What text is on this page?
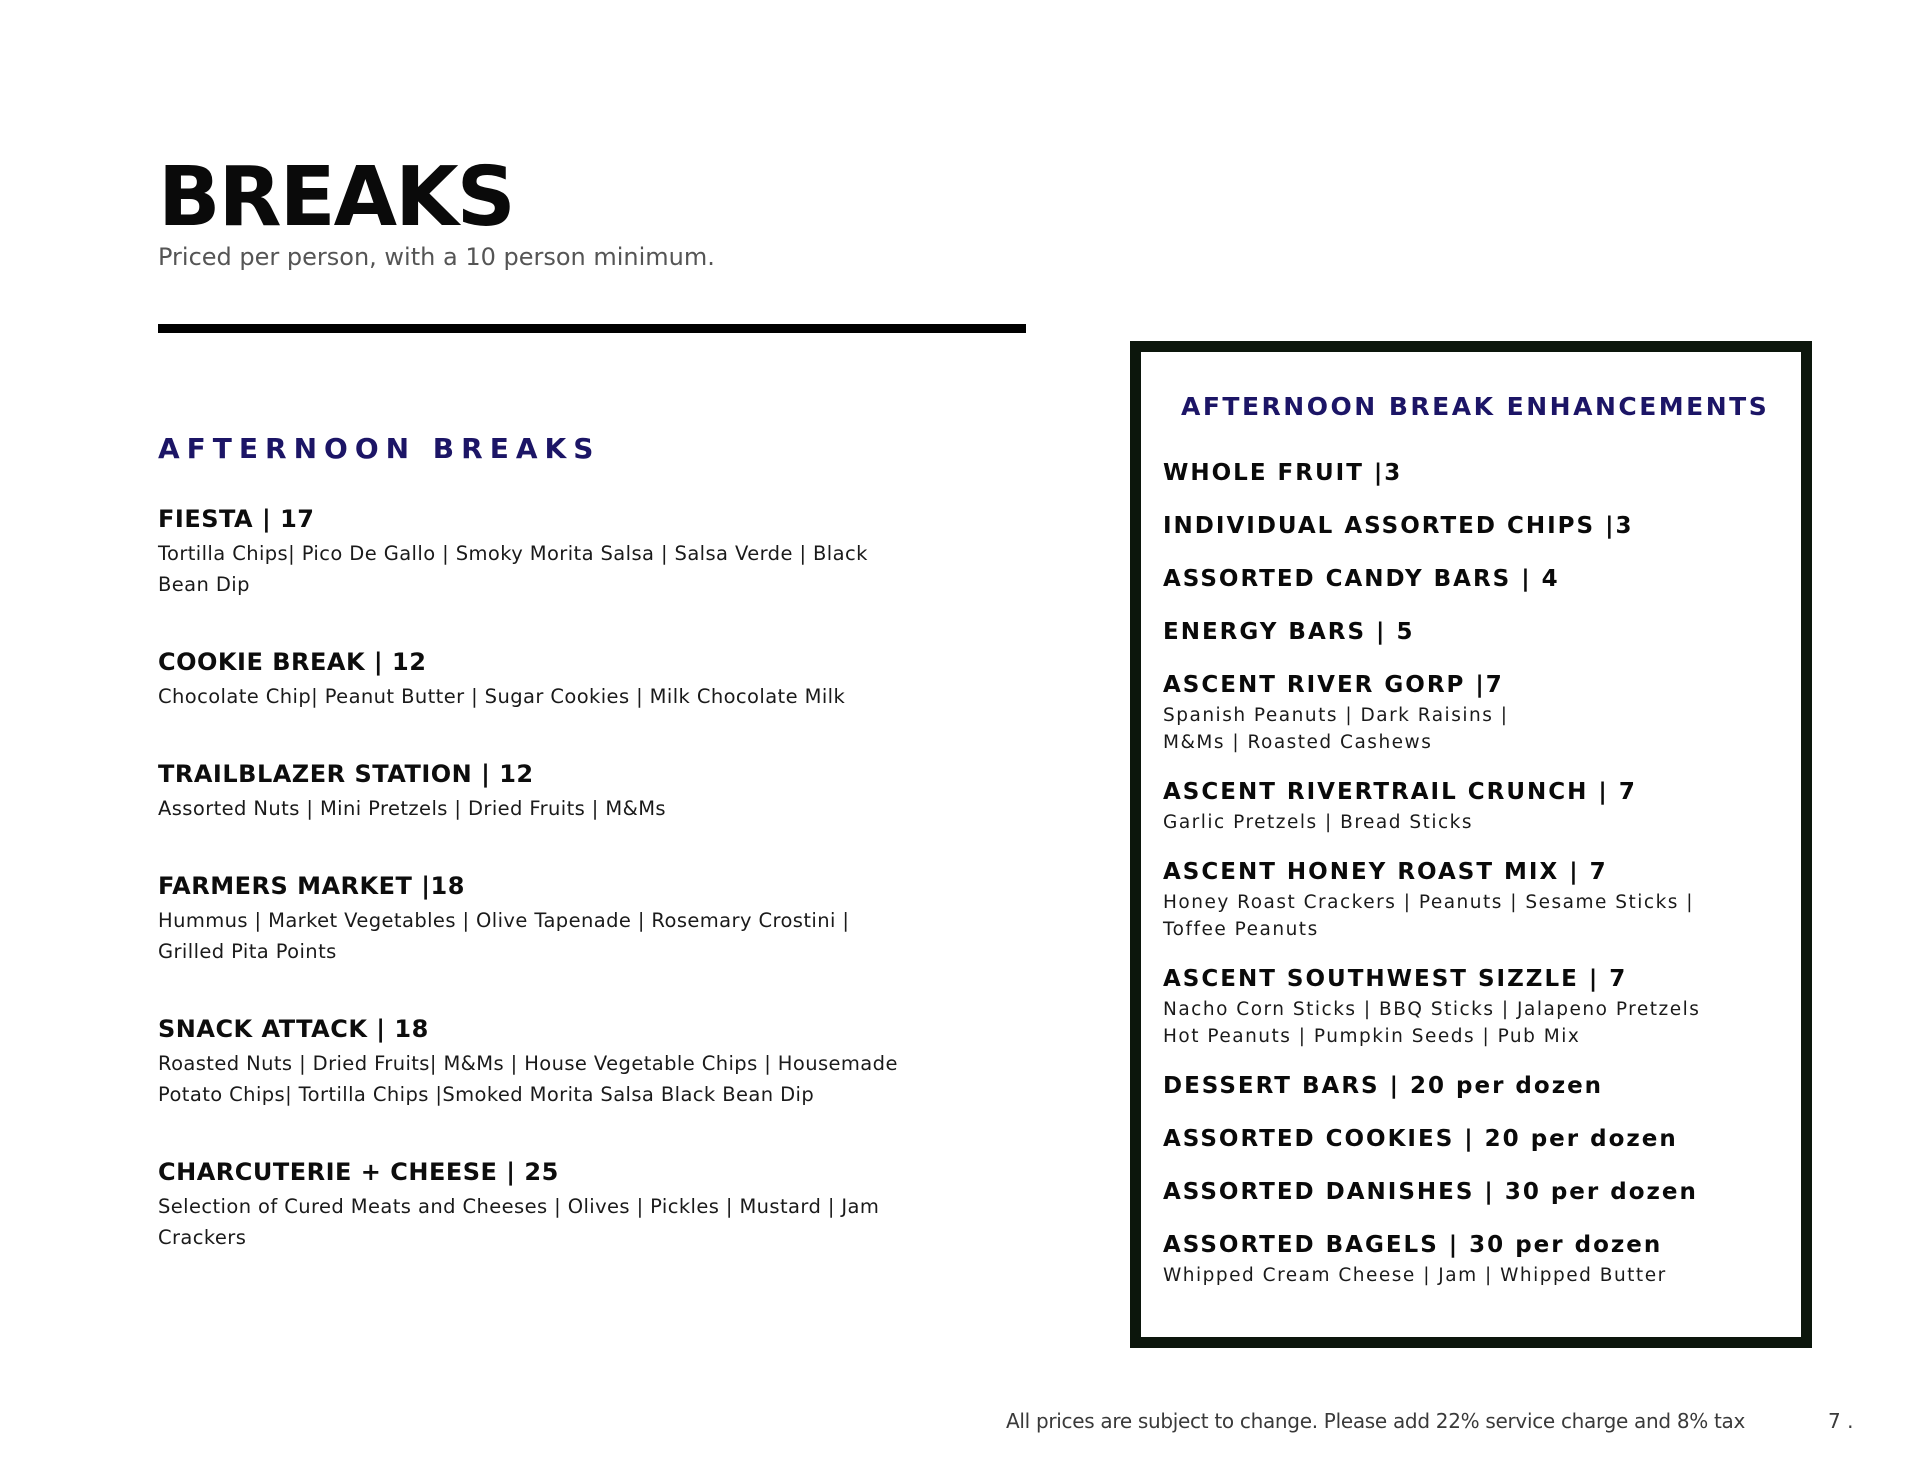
BREAKS

Priced per person, with a 10 person minimum.

AFTERNOON BREAKS
FIESTA | 17
Tortilla Chips| Pico De Gallo | Smoky Morita Salsa | Salsa Verde | Black Bean Dip
COOKIE BREAK | 12
Chocolate Chip| Peanut Butter | Sugar Cookies | Milk Chocolate Milk
TRAILBLAZER STATION | 12
Assorted Nuts | Mini Pretzels | Dried Fruits | M&Ms
FARMERS MARKET |18
Hummus | Market Vegetables | Olive Tapenade | Rosemary Crostini | Grilled Pita Points
SNACK ATTACK | 18
Roasted Nuts | Dried Fruits| M&Ms | House Vegetable Chips | Housemade Potato Chips| Tortilla Chips |Smoked Morita Salsa Black Bean Dip
CHARCUTERIE + CHEESE | 25
Selection of Cured Meats and Cheeses | Olives | Pickles | Mustard | Jam Crackers
AFTERNOON BREAK ENHANCEMENTS
WHOLE FRUIT |3
INDIVIDUAL ASSORTED CHIPS |3
ASSORTED CANDY BARS | 4
ENERGY BARS | 5
ASCENT RIVER GORP |7
Spanish Peanuts | Dark Raisins |
M&Ms | Roasted Cashews
ASCENT RIVERTRAIL CRUNCH | 7
Garlic Pretzels | Bread Sticks
ASCENT HONEY ROAST MIX | 7
Honey Roast Crackers | Peanuts | Sesame Sticks |
Toffee Peanuts
ASCENT SOUTHWEST SIZZLE | 7
Nacho Corn Sticks | BBQ Sticks | Jalapeno Pretzels
Hot Peanuts | Pumpkin Seeds | Pub Mix
DESSERT BARS | 20 per dozen
ASSORTED COOKIES | 20 per dozen
ASSORTED DANISHES | 30 per dozen
ASSORTED BAGELS | 30 per dozen
Whipped Cream Cheese | Jam | Whipped Butter
All prices are subject to change. Please add 22% service charge and 8% tax	7 .
